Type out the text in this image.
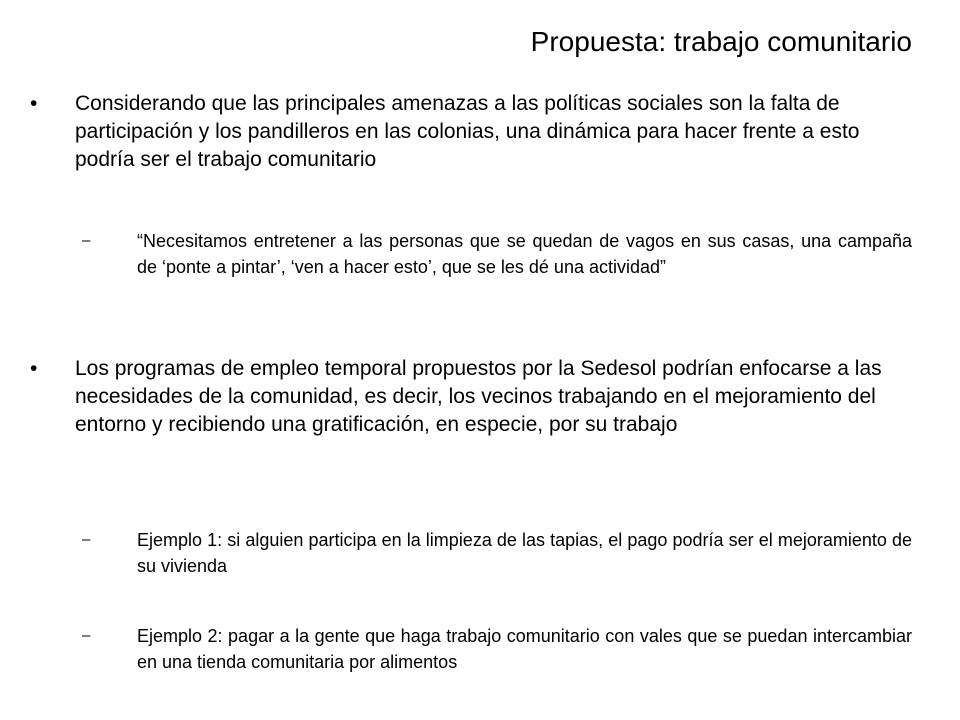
Propuesta: trabajo comunitario
•	Considerando que las principales amenazas a las políticas sociales son la falta de participación y los pandilleros en las colonias, una dinámica para hacer frente a esto podría ser el trabajo comunitario
–	“Necesitamos entretener a las personas que se quedan de vagos en sus casas, una campaña de ‘ponte a pintar’, ‘ven a hacer esto’, que se les dé una actividad”
•	Los programas de empleo temporal propuestos por la Sedesol podrían enfocarse a las necesidades de la comunidad, es decir, los vecinos trabajando en el mejoramiento del entorno y recibiendo una gratificación, en especie, por su trabajo
–	Ejemplo 1: si alguien participa en la limpieza de las tapias, el pago podría ser el mejoramiento de su vivienda
–	Ejemplo 2: pagar a la gente que haga trabajo comunitario con vales que se puedan intercambiar en una tienda comunitaria por alimentos
